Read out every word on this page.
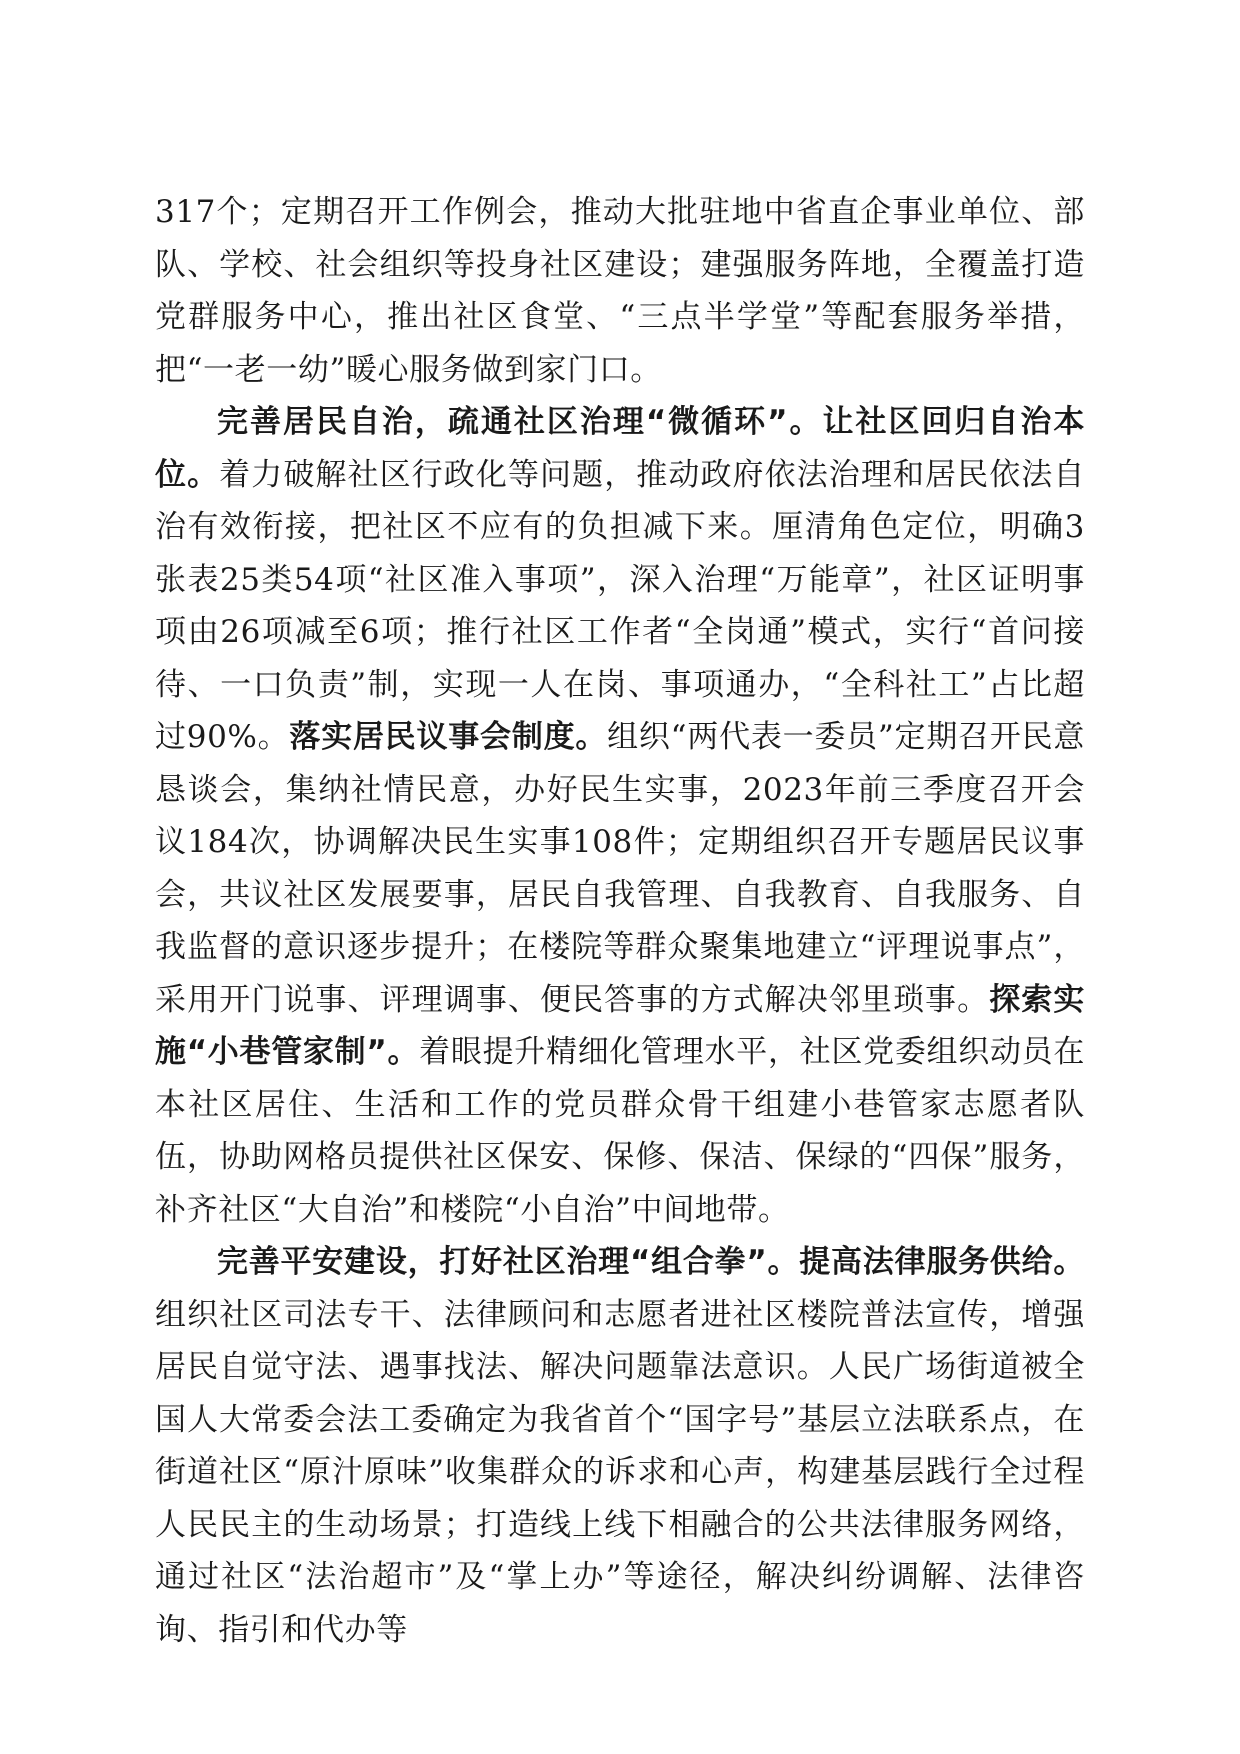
317个；定期召开工作例会，推动大批驻地中省直企事业单位、部队、学校、社会组织等投身社区建设；建强服务阵地，全覆盖打造党群服务中心，推出社区食堂、“三点半学堂”等配套服务举措，把“一老一幼”暖心服务做到家门口。

完善居民自治，疏通社区治理“微循环”。让社区回归自治本位。着力破解社区行政化等问题，推动政府依法治理和居民依法自治有效衔接，把社区不应有的负担减下来。厘清角色定位，明确3张表25类54项“社区准入事项”，深入治理“万能章”，社区证明事项由26项减至6项；推行社区工作者“全岗通”模式，实行“首问接待、一口负责”制，实现一人在岗、事项通办，“全科社工”占比超过90%。落实居民议事会制度。组织“两代表一委员”定期召开民意恳谈会，集纳社情民意，办好民生实事，2023年前三季度召开会议184次，协调解决民生实事108件；定期组织召开专题居民议事会，共议社区发展要事，居民自我管理、自我教育、自我服务、自我监督的意识逐步提升；在楼院等群众聚集地建立“评理说事点”，采用开门说事、评理调事、便民答事的方式解决邻里琐事。探索实施“小巷管家制”。着眼提升精细化管理水平，社区党委组织动员在本社区居住、生活和工作的党员群众骨干组建小巷管家志愿者队伍，协助网格员提供社区保安、保修、保洁、保绿的“四保”服务，补齐社区“大自治”和楼院“小自治”中间地带。

完善平安建设，打好社区治理“组合拳”。提高法律服务供给。组织社区司法专干、法律顾问和志愿者进社区楼院普法宣传，增强居民自觉守法、遇事找法、解决问题靠法意识。人民广场街道被全国人大常委会法工委确定为我省首个“国字号”基层立法联系点，在街道社区“原汁原味”收集群众的诉求和心声，构建基层践行全过程人民民主的生动场景；打造线上线下相融合的公共法律服务网络，通过社区“法治超市”及“掌上办”等途径，解决纠纷调解、法律咨询、指引和代办等
